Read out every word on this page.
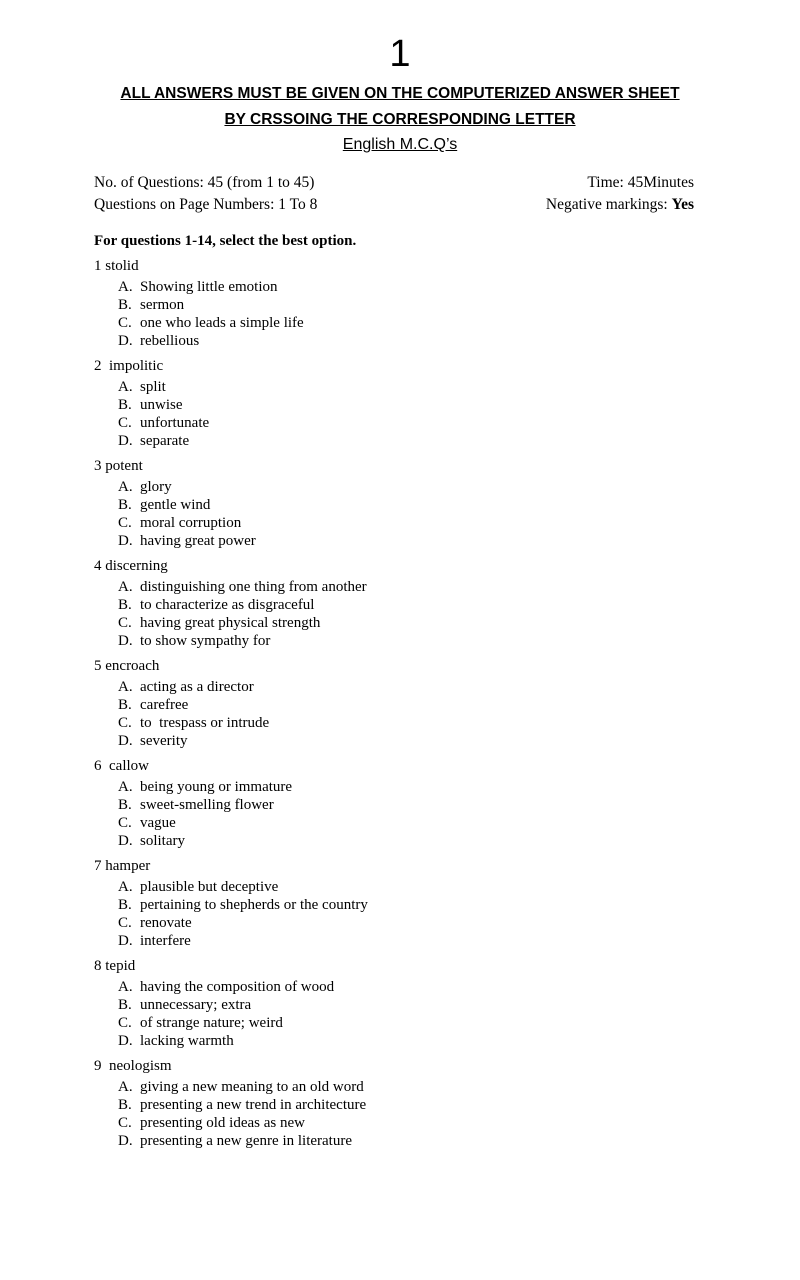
1
ALL ANSWERS MUST BE GIVEN ON THE COMPUTERIZED ANSWER SHEET
BY CRSSOING THE CORRESPONDING LETTER
English M.C.Q’s
No. of Questions: 45 (from 1 to 45)
Questions on Page Numbers: 1 To 8
Time: 45Minutes
Negative markings: Yes
For questions 1-14, select the best option.
1 stolid
A. Showing little emotion
B. sermon
C. one who leads a simple life
D. rebellious
2  impolitic
A. split
B. unwise
C. unfortunate
D. separate
3 potent
A. glory
B. gentle wind
C. moral corruption
D. having great power
4 discerning
A. distinguishing one thing from another
B. to characterize as disgraceful
C. having great physical strength
D. to show sympathy for
5 encroach
A. acting as a director
B. carefree
C. to  trespass or intrude
D. severity
6  callow
A. being young or immature
B. sweet-smelling flower
C. vague
D. solitary
7 hamper
A. plausible but deceptive
B. pertaining to shepherds or the country
C. renovate
D. interfere
8 tepid
A. having the composition of wood
B. unnecessary; extra
C. of strange nature; weird
D. lacking warmth
9  neologism
A. giving a new meaning to an old word
B. presenting a new trend in architecture
C. presenting old ideas as new
D. presenting a new genre in literature
